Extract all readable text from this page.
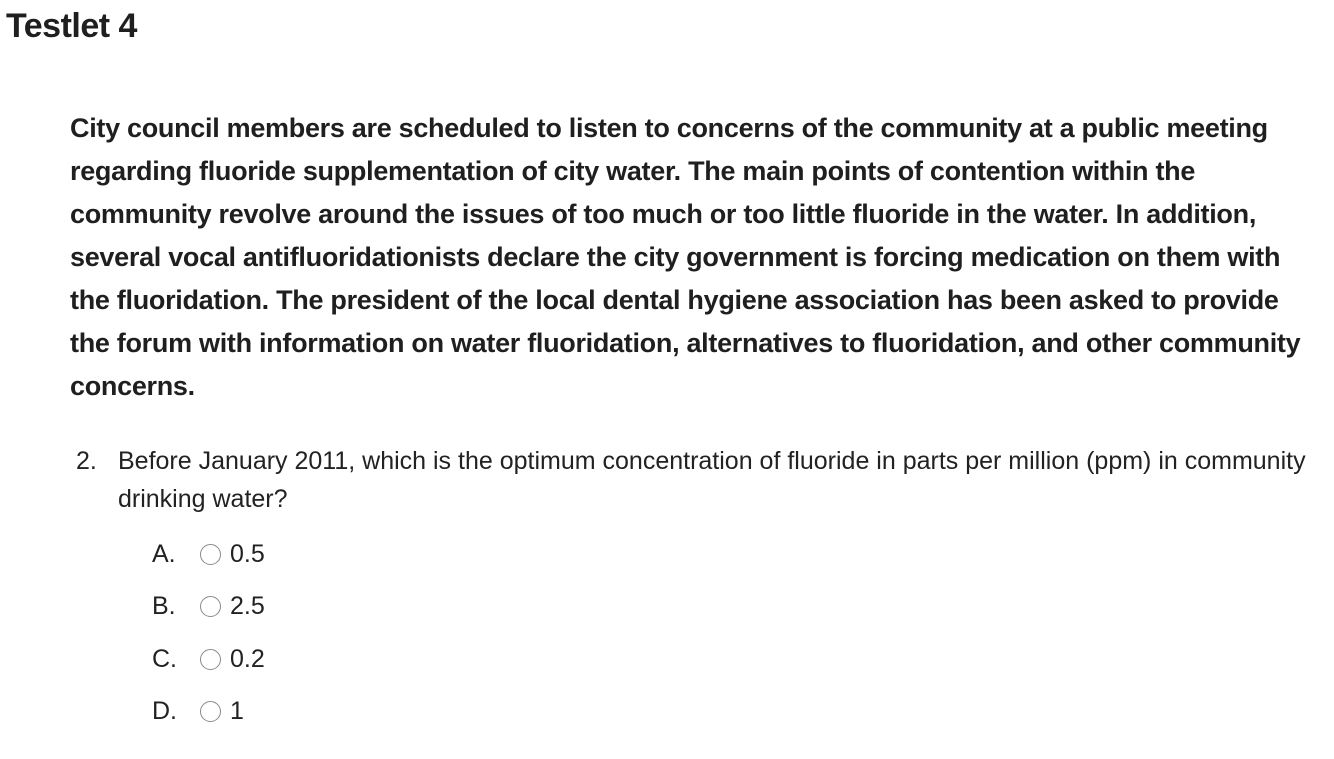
Testlet 4

City council members are scheduled to listen to concerns of the community at a public meeting regarding fluoride supplementation of city water. The main points of contention within the community revolve around the issues of too much or too little fluoride in the water. In addition, several vocal antifluoridationists declare the city government is forcing medication on them with the fluoridation. The president of the local dental hygiene association has been asked to provide the forum with information on water fluoridation, alternatives to fluoridation, and other community concerns.

2. Before January 2011, which is the optimum concentration of fluoride in parts per million (ppm) in community drinking water?
A.	0.5
B.	2.5
C.	0.2
D.	1
